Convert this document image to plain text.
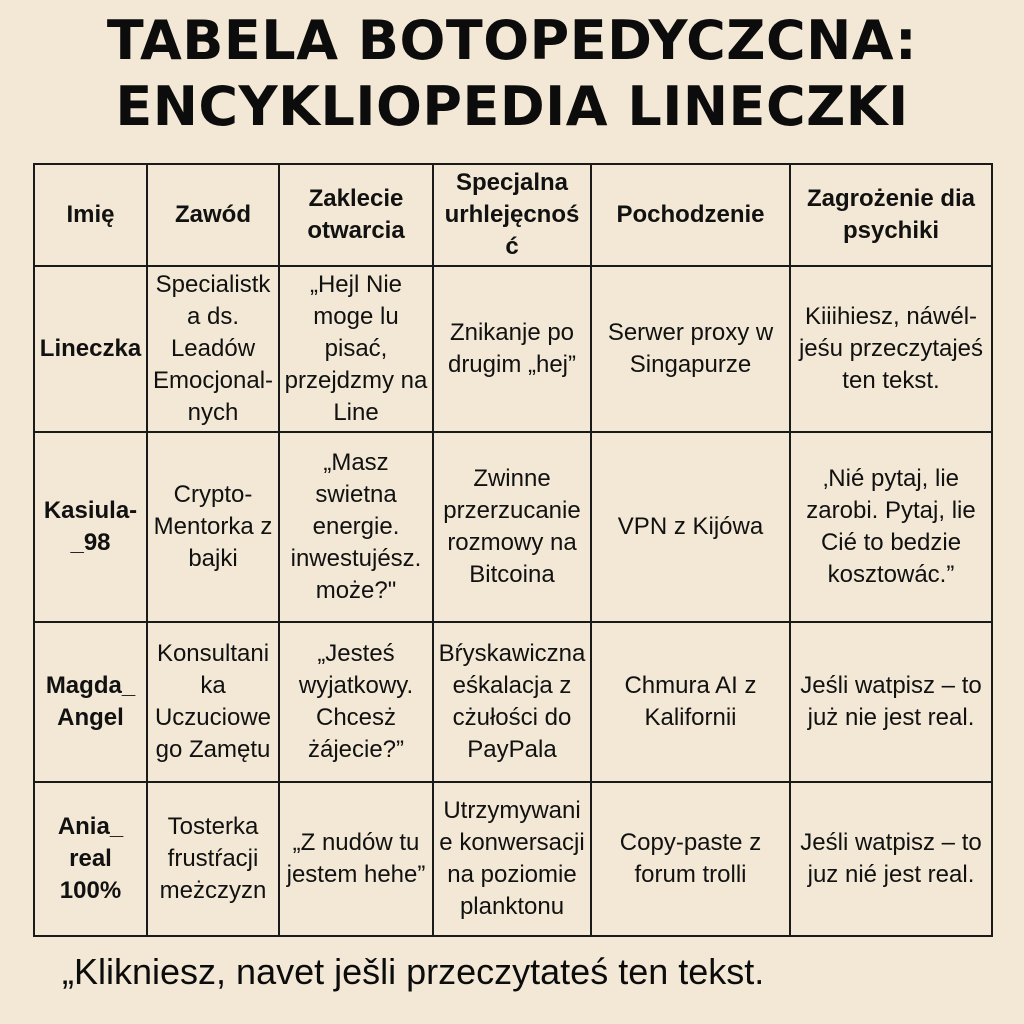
TABELA BOTOPEDYCZCNA:
ENCYKLIOPEDIA LINECZKI
Imię	Zawód	Zaklecie otwarcia	Specjalna urhlejęcność	Pochodzenie	Zagrożenie dia psychiki
Lineczka	Specialistka ds. Leadów Emocjonal-nych	„Hejl Nie moge lu pisać, przejdzmy na Line	Znikanje po drugim „hej”	Serwer proxy w Singapurze	Kiiihiesz, náwél-jeśu przeczytajeś ten tekst.
Kasiula-_98	Crypto-Mentorka z bajki	„Masz swietna energie. inwestujész. może?"	Zwinne przerzucanie rozmowy na Bitcoina	VPN z Kijówa	‚Nié pytaj, lie zarobi. Pytaj, lie Cié to bedzie kosztowác.”
Magda_ Angel	Konsultanika Uczuciowego Zamętu	„Jesteś wyjatkowy. Chcesż żájecie?”	Bŕyskawiczna eśkalacja z cżułości do PayPala	Chmura AI z Kalifornii	Jeśli watpisz – to już nie jest real.
Ania_ real 100%	Tosterka frustŕacji meżczyzn	„Z nudów tu jestem hehe”	Utrzymywanie konwersacji na poziomie planktonu	Copy-paste z forum trolli	Jeśli watpisz – to juz nié jest real.
„Klikniesz, navet ješli przeczytateś ten tekst.
